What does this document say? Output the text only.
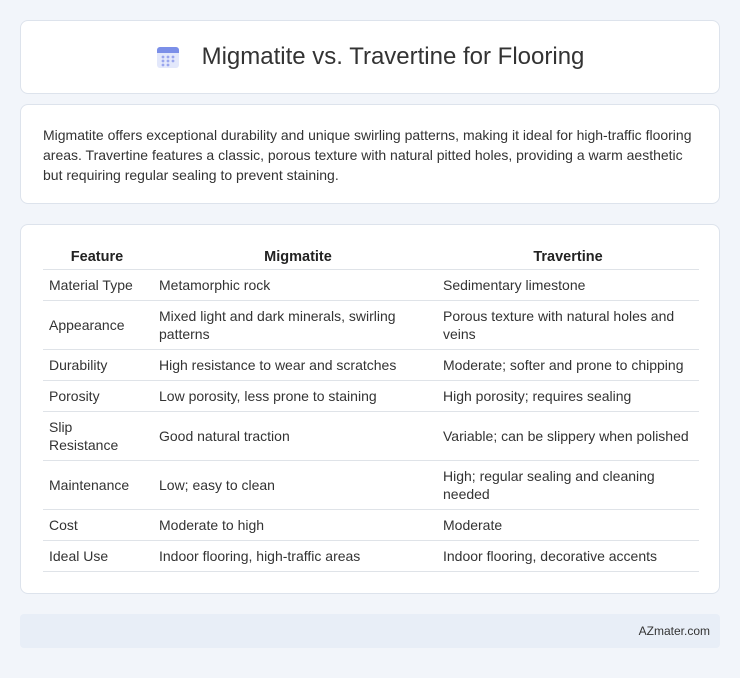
Migmatite vs. Travertine for Flooring

Migmatite offers exceptional durability and unique swirling patterns, making it ideal for high-traffic flooring areas. Travertine features a classic, porous texture with natural pitted holes, providing a warm aesthetic but requiring regular sealing to prevent staining.

Feature	Migmatite	Travertine
Material Type	Metamorphic rock	Sedimentary limestone
Appearance	Mixed light and dark minerals, swirling patterns	Porous texture with natural holes and veins
Durability	High resistance to wear and scratches	Moderate; softer and prone to chipping
Porosity	Low porosity, less prone to staining	High porosity; requires sealing
Slip Resistance	Good natural traction	Variable; can be slippery when polished
Maintenance	Low; easy to clean	High; regular sealing and cleaning needed
Cost	Moderate to high	Moderate
Ideal Use	Indoor flooring, high-traffic areas	Indoor flooring, decorative accents
AZmater.com
